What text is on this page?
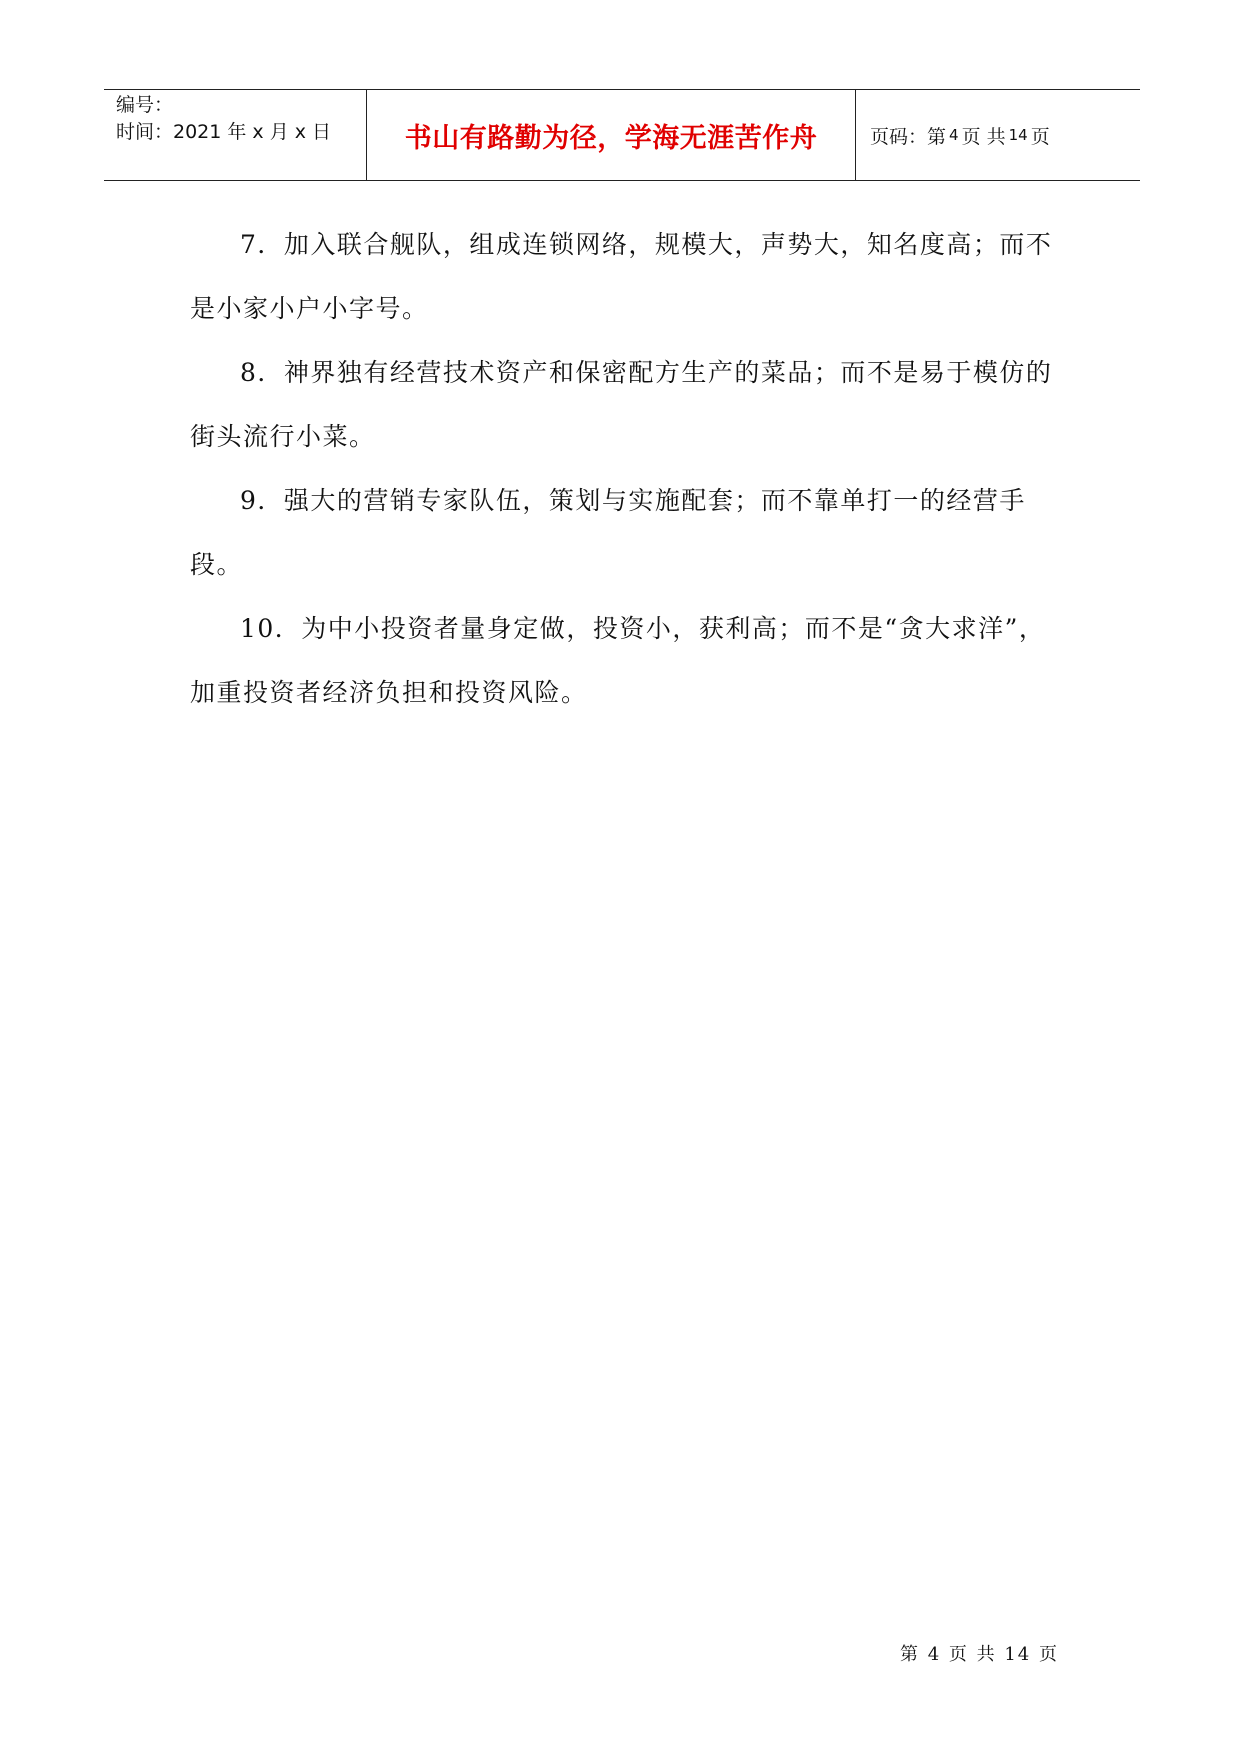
编号：
时间：2021 年 x 月 x 日	书山有路勤为径，学海无涯苦作舟	页码：第 4 页 共 14 页

7．加入联合舰队，组成连锁网络，规模大，声势大，知名度高；而不是小家小户小字号。

8．神界独有经营技术资产和保密配方生产的菜品；而不是易于模仿的街头流行小菜。

9．强大的营销专家队伍，策划与实施配套；而不靠单打一的经营手段。

10．为中小投资者量身定做，投资小，获利高；而不是“贪大求洋”，加重投资者经济负担和投资风险。

第 4 页 共 14 页
